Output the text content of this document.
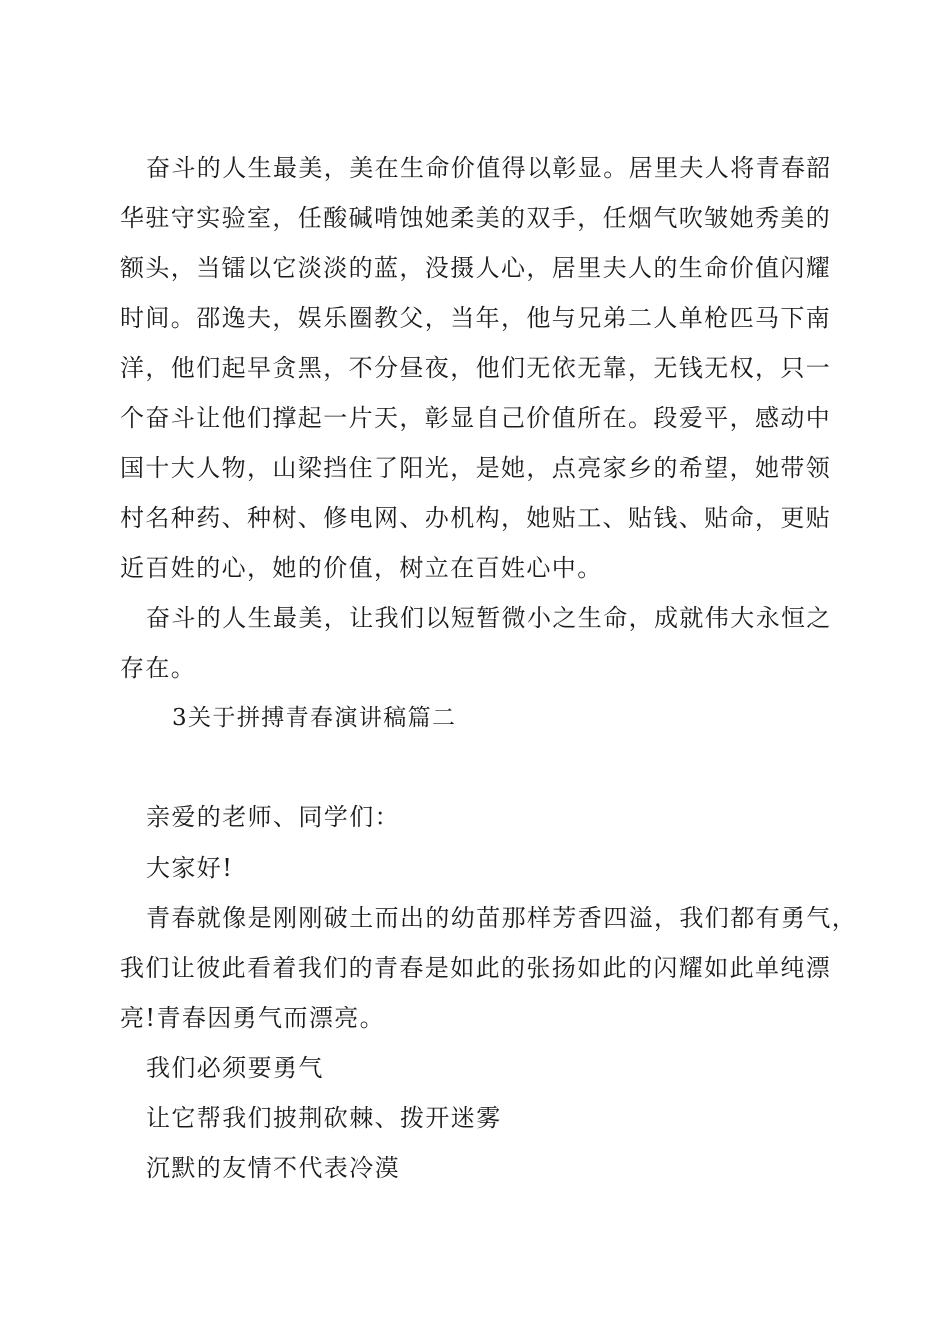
奋斗的人生最美，美在生命价值得以彰显。居里夫人将青春韶
华驻守实验室，任酸碱啃蚀她柔美的双手，任烟气吹皱她秀美的
额头，当镭以它淡淡的蓝，没摄人心，居里夫人的生命价值闪耀
时间。邵逸夫，娱乐圈教父，当年，他与兄弟二人单枪匹马下南
洋，他们起早贪黑，不分昼夜，他们无依无靠，无钱无权，只一
个奋斗让他们撑起一片天，彰显自己价值所在。段爱平，感动中
国十大人物，山梁挡住了阳光，是她，点亮家乡的希望，她带领
村名种药、种树、修电网、办机构，她贴工、贴钱、贴命，更贴
近百姓的心，她的价值，树立在百姓心中。
奋斗的人生最美，让我们以短暂微小之生命，成就伟大永恒之
存在。
3关于拼搏青春演讲稿篇二
亲爱的老师、同学们：
大家好!
青春就像是刚刚破土而出的幼苗那样芳香四溢，我们都有勇气，
我们让彼此看着我们的青春是如此的张扬如此的闪耀如此单纯漂
亮!青春因勇气而漂亮。
我们必须要勇气
让它帮我们披荆砍棘、拨开迷雾
沉默的友情不代表冷漠
